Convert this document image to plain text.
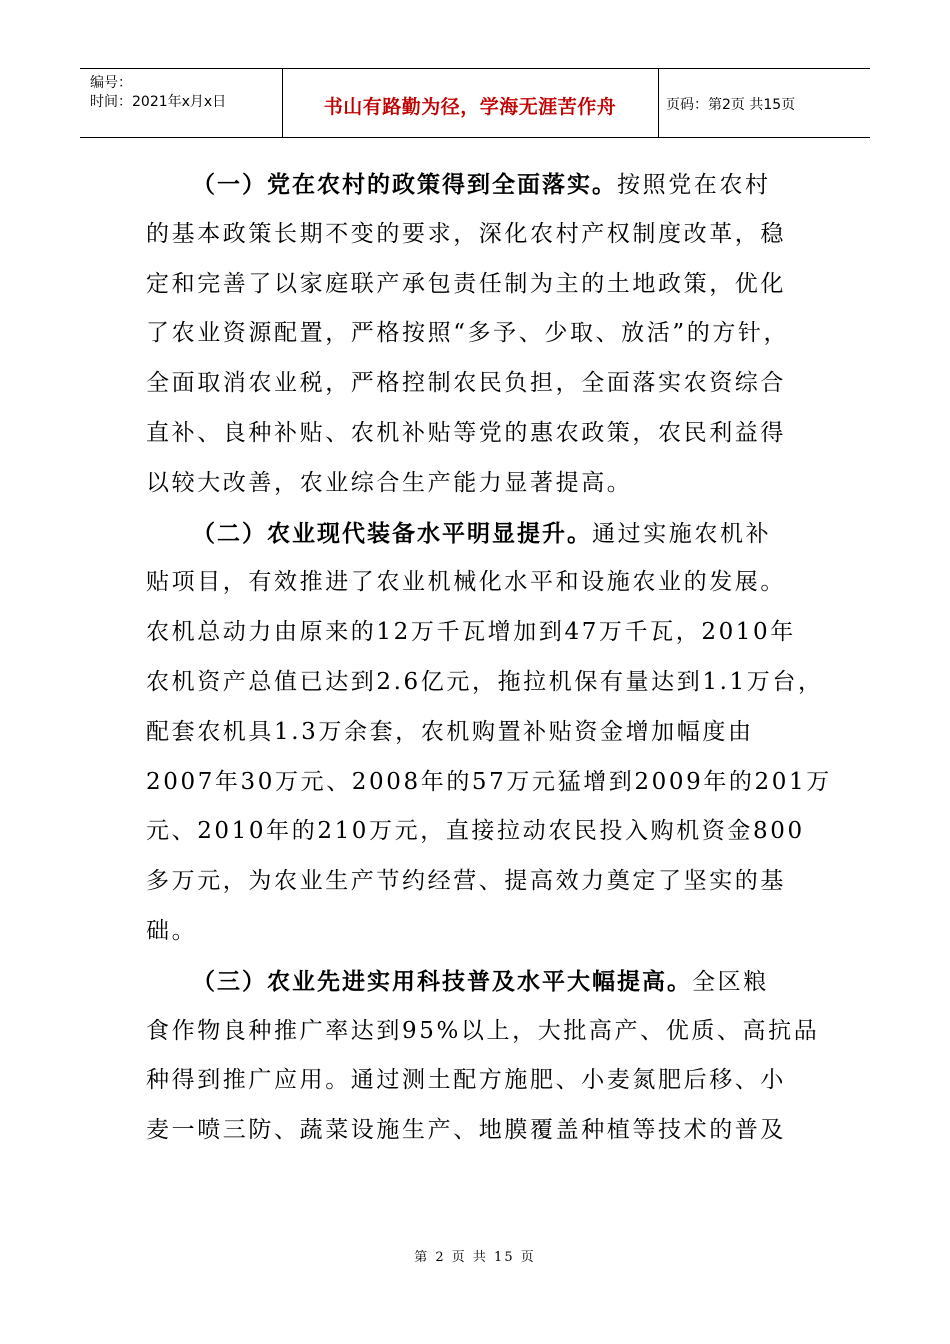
编号：
时间：2021年x月x日	书山有路勤为径，学海无涯苦作舟	页码：第2页 共15页
（一）党在农村的政策得到全面落实。按照党在农村
的基本政策长期不变的要求，深化农村产权制度改革，稳
定和完善了以家庭联产承包责任制为主的土地政策，优化
了农业资源配置，严格按照“多予、少取、放活”的方针，
全面取消农业税，严格控制农民负担，全面落实农资综合
直补、良种补贴、农机补贴等党的惠农政策，农民利益得
以较大改善，农业综合生产能力显著提高。
（二）农业现代装备水平明显提升。通过实施农机补
贴项目，有效推进了农业机械化水平和设施农业的发展。
农机总动力由原来的12万千瓦增加到47万千瓦，2010年
农机资产总值已达到2.6亿元，拖拉机保有量达到1.1万台，
配套农机具1.3万余套，农机购置补贴资金增加幅度由
2007年30万元、2008年的57万元猛增到2009年的201万
元、2010年的210万元，直接拉动农民投入购机资金800
多万元，为农业生产节约经营、提高效力奠定了坚实的基
础。
（三）农业先进实用科技普及水平大幅提高。全区粮
食作物良种推广率达到95%以上，大批高产、优质、高抗品
种得到推广应用。通过测土配方施肥、小麦氮肥后移、小
麦一喷三防、蔬菜设施生产、地膜覆盖种植等技术的普及
第 2 页 共 15 页
